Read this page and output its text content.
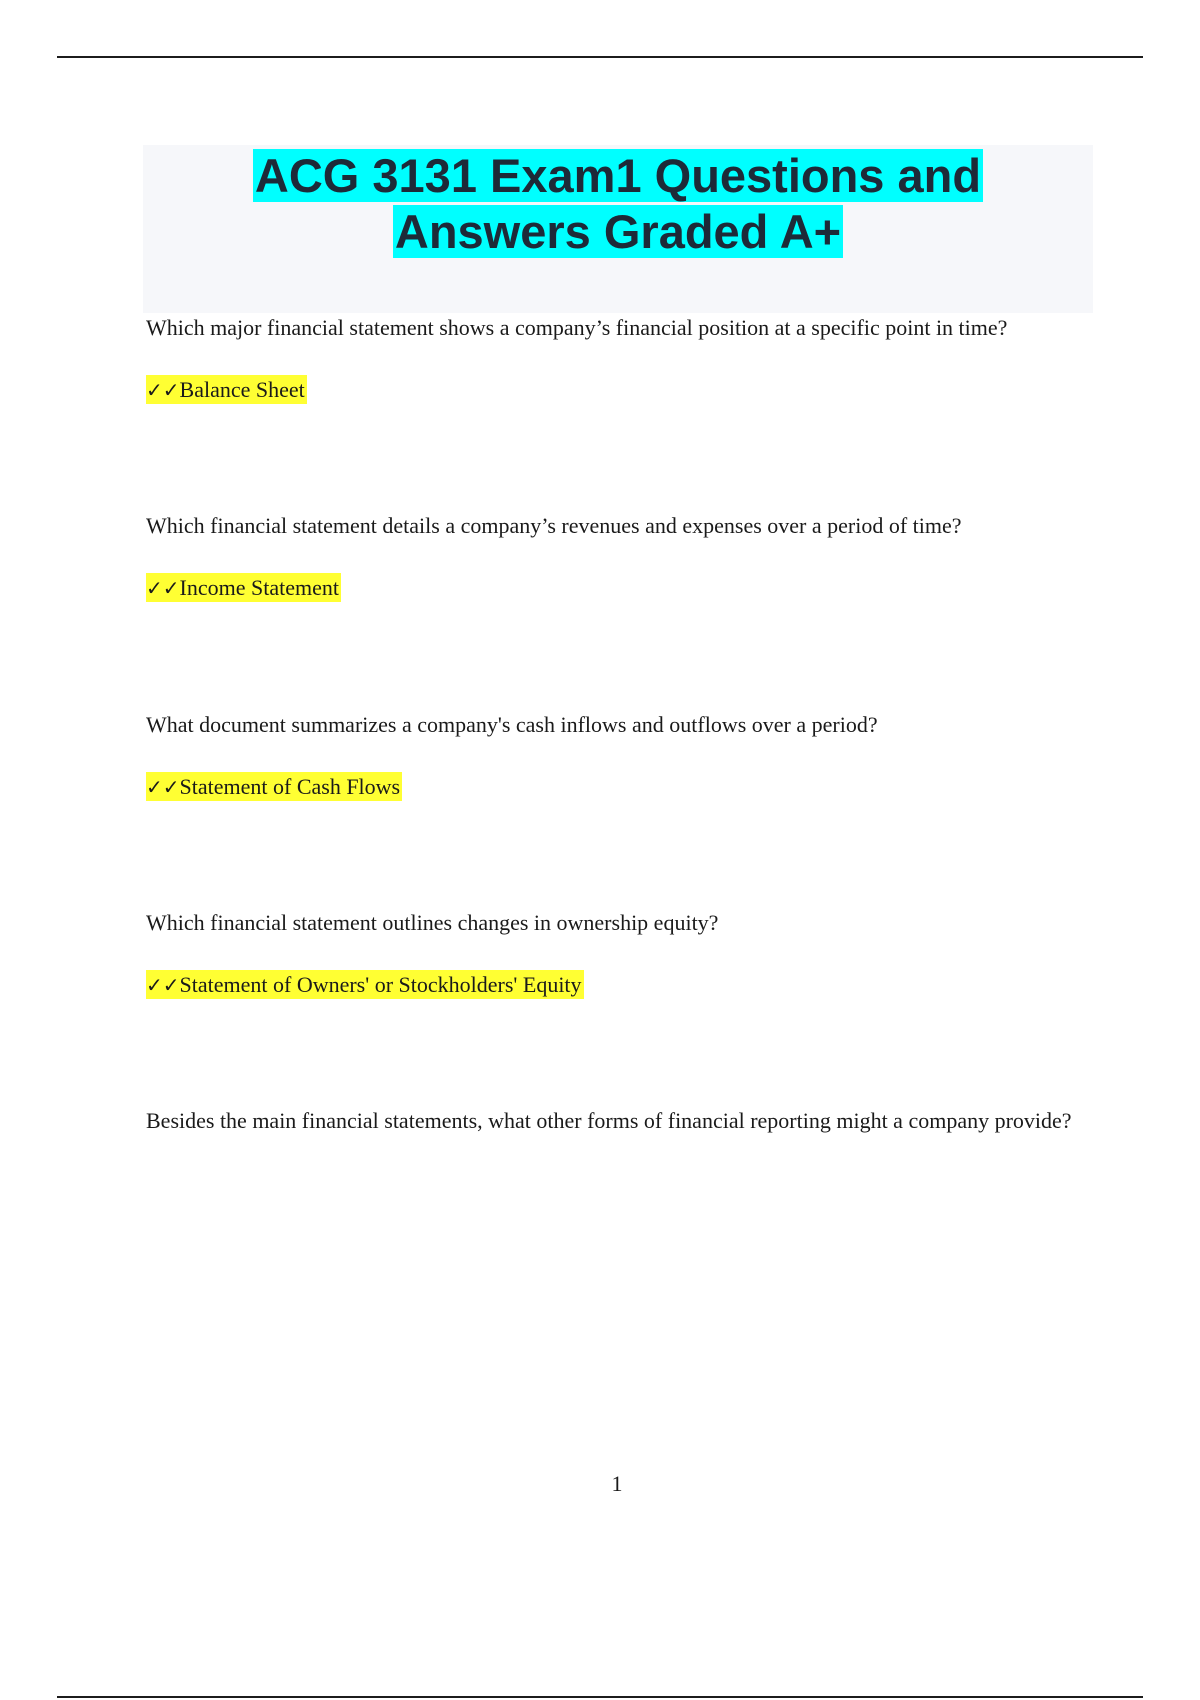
ACG 3131 Exam1 Questions and
Answers Graded A+

Which major financial statement shows a company’s financial position at a specific point in time?

✓✓Balance Sheet

Which financial statement details a company’s revenues and expenses over a period of time?

✓✓Income Statement

What document summarizes a company's cash inflows and outflows over a period?

✓✓Statement of Cash Flows

Which financial statement outlines changes in ownership equity?

✓✓Statement of Owners' or Stockholders' Equity

Besides the main financial statements, what other forms of financial reporting might a company provide?

1
